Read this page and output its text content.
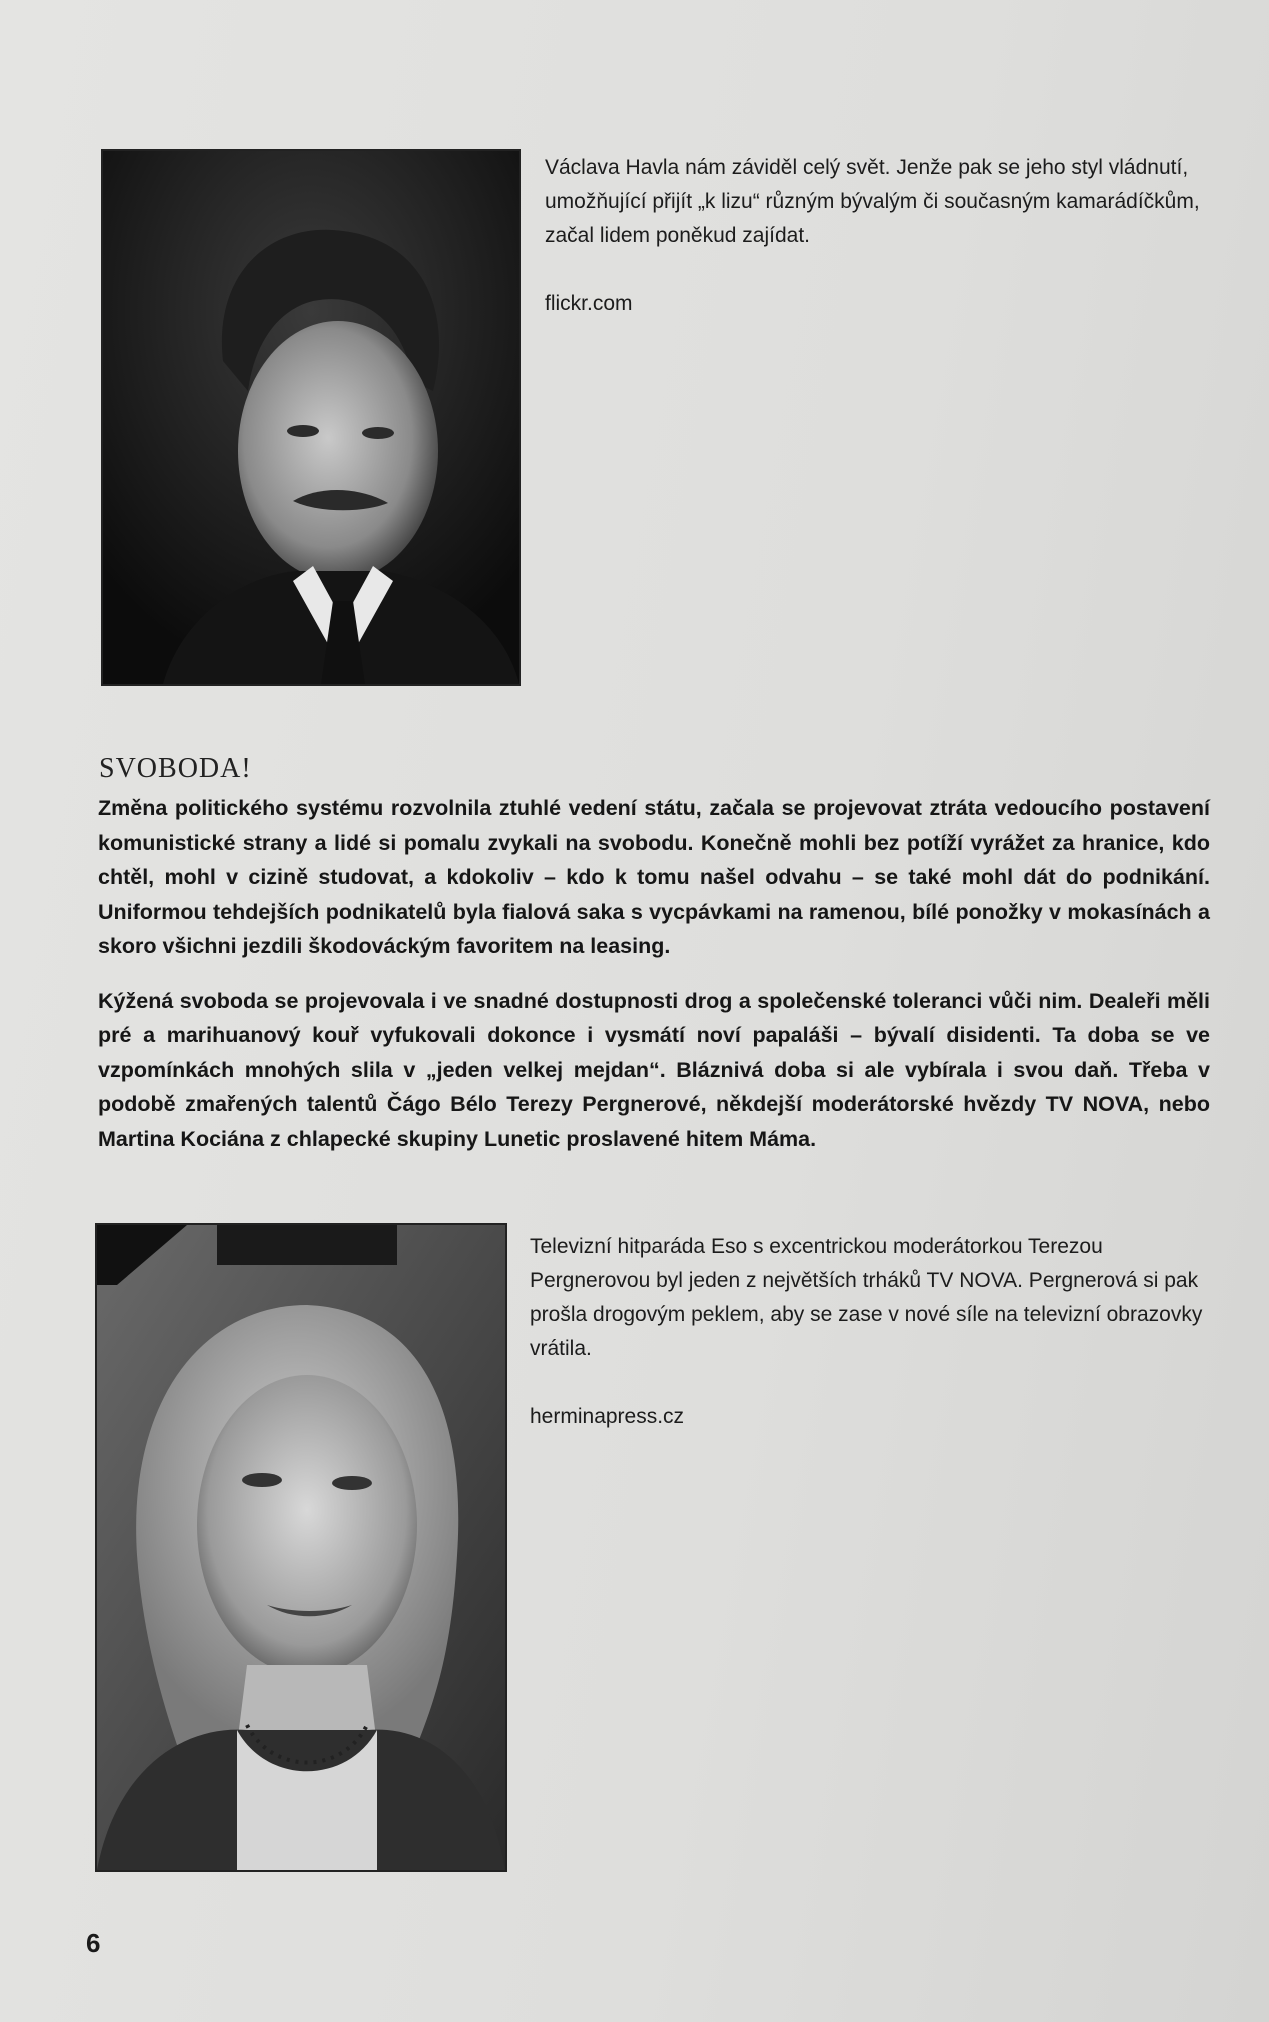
Václava Havla nám záviděl celý svět. Jenže pak se jeho styl vládnutí, umožňující přijít „k lizu“ různým bývalým či současným kamarádíčkům, začal lidem poněkud zajídat.

flickr.com

SVOBODA!

Změna politického systému rozvolnila ztuhlé vedení státu, začala se projevovat ztráta vedoucího postavení komunistické strany a lidé si pomalu zvykali na svobodu. Konečně mohli bez potíží vyrážet za hranice, kdo chtěl, mohl v cizině studovat, a kdokoliv – kdo k tomu našel odvahu – se také mohl dát do podnikání. Uniformou tehdejších podnikatelů byla fialová saka s vycpávkami na ramenou, bílé ponožky v mokasínách a skoro všichni jezdili škodováckým favoritem na leasing.

Kýžená svoboda se projevovala i ve snadné dostupnosti drog a společenské toleranci vůči nim. Dealeři měli pré a marihuanový kouř vyfukovali dokonce i vysmátí noví papaláši – bývalí disidenti. Ta doba se ve vzpomínkách mnohých slila v „jeden velkej mejdan“. Bláznivá doba si ale vybírala i svou daň. Třeba v podobě zmařených talentů Čágo Bélo Terezy Pergnerové, někdejší moderátorské hvězdy TV NOVA, nebo Martina Kociána z chlapecké skupiny Lunetic proslavené hitem Máma.

Televizní hitparáda Eso s excentrickou moderátorkou Terezou Pergnerovou byl jeden z největších trháků TV NOVA. Pergnerová si pak prošla drogovým peklem, aby se zase v nové síle na televizní obrazovky vrátila.

herminapress.cz

6
